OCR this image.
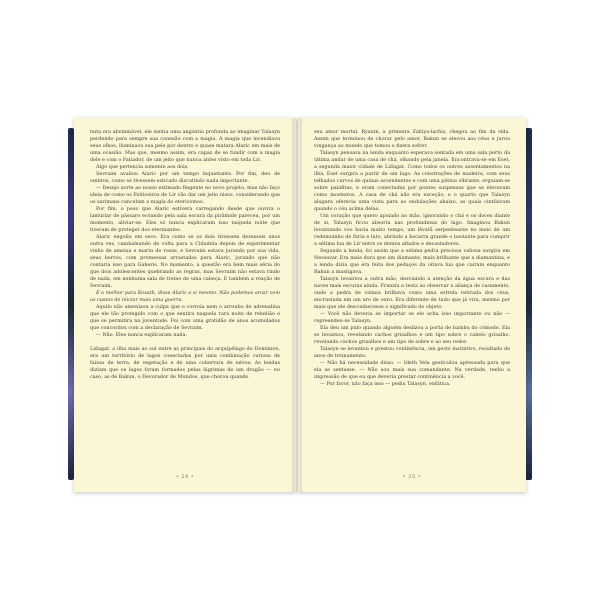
nuta era abominável, ele sentia uma angústia profunda ao imaginar Talasyn perdendo para sempre sua conexão com a magia. A magia que incendiava seus olhos, iluminava sua pele por dentro e quase matara Alaric em mais de uma ocasião. Mas que, mesmo assim, era capaz de se fundir com a magia dele e com o Fatiador, de um jeito que nunca antes visto em toda Lir.

Algo que pertencia somente aos dois.

Sevraim avaliou Alaric por um tempo inquietante. Por fim, deu de ombros, como se tivessem esticado discutindo nada importante.

— Desejo sorte ao nosso estimado Regente no novo projeto, mas não faço ideia de como os Feiticeiros de Lir vão dar um jeito nisso, considerando que os sarimans cancelam a magia do etericomos.

Por fim, o peso que Alaric estivera carregando desde que ouvira o lamúriar de pássaro ecoando pela sala escura da pirâmide pareceu, por um momento, aliviar-se. Eles só nunca explicaram isso naquela noite que tiveram de proteger dos etermantes.

Alaric engoliu em seco. Era como se os dois tivessem dezesseis anos outra vez, cambaleando de volta para a Cidadela depois de experimentar vinho de ameixa e marta de rosas, e Sevraim estava jurando por sua vida, seus berros, com promessas arrastadas para Alaric, jurando que não contaria isso para Gaheris. No momento, a questão era bem mais séria do que dois adolescentes quebrando as regras, mas Sevraim não estava rindo de nada, em nenhuma sala de treino de uma cabeça. E também a reação de Sevraim.

É o melhor para Kesath, disse Alaric a si mesmo. Não podemos arcar com os custos de iniciar mais uma guerra.

Aquilo não amenizou a culpa que o corroía nem o arroubo de adrenalina que ele tão protegido com o que sentira naquela rara noite de rebelião e que se permitira na juventude. Foi com uma gratidão de anos acumulados que concordou com a declaração de Sevraim.

— Não. Eles nunca explicaram nada.

Lidagat, a ilha mais ao sul entre as principais do arquipélago do Dominion, era um território de lagos conectados por uma combinação curiosa de faixas de terra, de vegetação e de uma cobertura de névoa. As lendas diziam que os lagos foram formados pelas lágrimas de um dragão — no caso, as de Bakun, o Devorador de Mundos, que chorou quando

• 24 •

seu amor mortal, Ryanin, a primeira Zabiya-lachis, chegou ao fim da vida. Assim que terminou de chorar pelo amor, Bakun se elevou aos céus e jurou vingança ao mundo que tomou o fizera sofrer.

Talasyn pensava na lenda enquanto esperava sentada em uma sala perto da última andar de uma casa de chá, olhando pela janela. Encontrava-se em Eset, a segunda maior cidade de Lidagat. Como todos os outros assentamentos na ilha, Eset surgira a partir de um lago. As construções de madeira, com seus telhados curvos de quinas ascendentes e com uma pátina vibrante, erguiam-se sobre palafitas, e eram conectadas por pontes suspensas que se elevavam como mosteiros. A casa de chá não era exceção, e o quarto que Talasyn alugara oferecia uma vista para as ondulações abaixo, as quais cintilavam quando o céu acima delas.

Um coração que quero apoiado no mão, ignorando o chá e os doces diante de si, Talasyn ficou absorta nas profundezas do lago. Imaginou Bakun levantando voo havia muito tempo, um lêvatã serpenteante no meio de um redemoinho de fúria e luto, abrindo a bocarra grande o bastante para cumprir a sétima lua de Lir entre os dentes afiados e devastadores.

Segundo a lenda, foi assim que a sétima pedra preciosa valiosa surgira em Nessavar. Era mais dura que um diamante, mais brilhante que a diamantina, e a lenda dizia que era feita dos pedaços da oitava lua que caíram enquanto Bakun a mastigava.

Talasyn levantou a outra mão, desviando a atenção da água escura e das naves mais escuras ainda. Franziu a testa ao observar a aliança de casamento, onde a pedra de valana brilhava como uma estrela retirada dos céus, encrustada em um aro de ouro. Era diferente de tudo que já vira, mesmo por mais que ele desconhecesse o significado do objeto.

— Você não deveria se importar se ele acha isso importante ou não — repreendeu-se Talasyn.

Ela deu um pulo quando alguém deslizou a porta de bambu do cômodo. Ela se levantou, revelando cachos grisalhos e um tipo sobre o cabelo grisalho, revelando cachos grisalhos e um tipo de sobre e ao seu redor.

Talasyn se levantou e prestou continência, um gesto instintivo, resultado de anos de treinamento.

— Não há necessidade disso. — Ideth Vela gesticulou apressada para que ela se sentasse. — Não sou mais sua comandante. Na verdade, tenho a impressão de que eu que deveria prestar continência a você.

— Por favor, não faça isso — pediu Talasyn, enfática.

• 25 •
